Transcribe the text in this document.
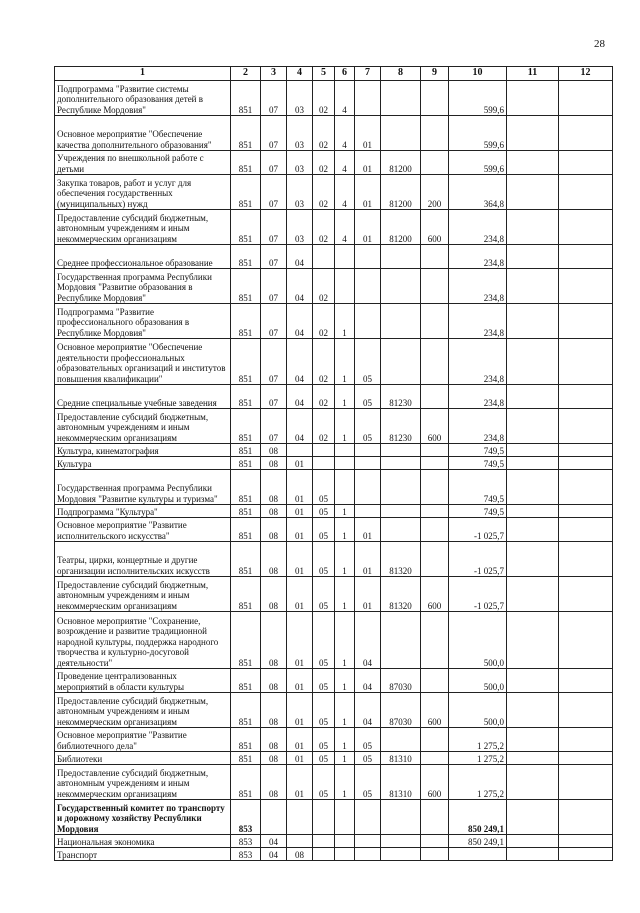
28
1	2	3	4	5	6	7	8	9	10	11	12
Подпрограмма "Развитие системы дополнительного образования детей в Республике Мордовия"	851	07	03	02	4				599,6		
Основное мероприятие "Обеспечение качества дополнительного образования"	851	07	03	02	4	01			599,6		
Учреждения по внешкольной работе с детьми	851	07	03	02	4	01	81200		599,6		
Закупка товаров, работ и услуг для обеспечения государственных (муниципальных) нужд	851	07	03	02	4	01	81200	200	364,8		
Предоставление субсидий бюджетным, автономным учреждениям и иным некоммерческим организациям	851	07	03	02	4	01	81200	600	234,8		
Среднее профессиональное образование	851	07	04						234,8		
Государственная программа Республики Мордовия "Развитие образования в Республике Мордовия"	851	07	04	02					234,8		
Подпрограмма "Развитие профессионального образования в Республике Мордовия"	851	07	04	02	1				234,8		
Основное мероприятие "Обеспечение деятельности профессиональных образовательных организаций и институтов повышения квалификации"	851	07	04	02	1	05			234,8		
Средние специальные учебные заведения	851	07	04	02	1	05	81230		234,8		
Предоставление субсидий бюджетным, автономным учреждениям и иным некоммерческим организациям	851	07	04	02	1	05	81230	600	234,8		
Культура, кинематография	851	08							749,5		
Культура	851	08	01						749,5		
Государственная программа Республики Мордовия "Развитие культуры и туризма"	851	08	01	05					749,5		
Подпрограмма "Культура"	851	08	01	05	1				749,5		
Основное мероприятие "Развитие исполнительского искусства"	851	08	01	05	1	01			-1 025,7		
Театры, цирки, концертные и другие организации исполнительских искусств	851	08	01	05	1	01	81320		-1 025,7		
Предоставление субсидий бюджетным, автономным учреждениям и иным некоммерческим организациям	851	08	01	05	1	01	81320	600	-1 025,7		
Основное мероприятие "Сохранение, возрождение и развитие традиционной народной культуры, поддержка народного творчества и культурно-досуговой деятельности"	851	08	01	05	1	04			500,0		
Проведение централизованных мероприятий в области культуры	851	08	01	05	1	04	87030		500,0		
Предоставление субсидий бюджетным, автономным учреждениям и иным некоммерческим организациям	851	08	01	05	1	04	87030	600	500,0		
Основное мероприятие "Развитие библиотечного дела"	851	08	01	05	1	05			1 275,2		
Библиотеки	851	08	01	05	1	05	81310		1 275,2		
Предоставление субсидий бюджетным, автономным учреждениям и иным некоммерческим организациям	851	08	01	05	1	05	81310	600	1 275,2		
Государственный комитет по транспорту и дорожному хозяйству Республики Мордовия	853								850 249,1		
Национальная экономика	853	04							850 249,1		
Транспорт	853	04	08								
